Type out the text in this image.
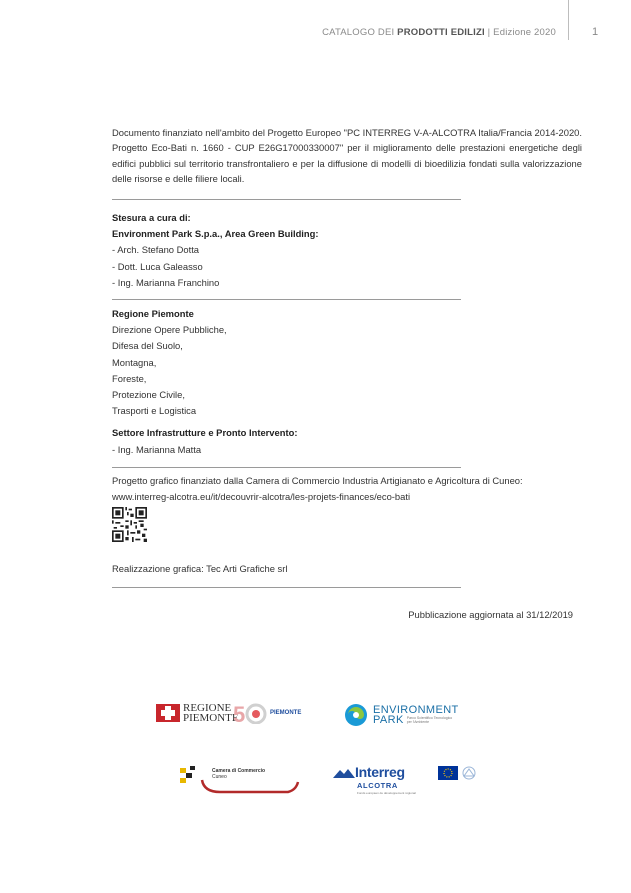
CATALOGO DEI PRODOTTI EDILIZI | Edizione 2020	1
Documento finanziato nell'ambito del Progetto Europeo "PC INTERREG V-A-ALCOTRA Italia/Francia 2014-2020. Progetto Eco-Bati n. 1660 - CUP E26G17000330007" per il miglioramento delle prestazioni energetiche degli edifici pubblici sul territorio transfrontaliero e per la diffusione di modelli di bioedilizia fondati sulla valorizzazione delle risorse e delle filiere locali.
Stesura a cura di:
Environment Park S.p.a., Area Green Building:
- Arch. Stefano Dotta
- Dott. Luca Galeasso
- Ing. Marianna Franchino
Regione Piemonte
Direzione Opere Pubbliche,
Difesa del Suolo,
Montagna,
Foreste,
Protezione Civile,
Trasporti e Logistica
Settore Infrastrutture e Pronto Intervento:
- Ing. Marianna Matta
Progetto grafico finanziato dalla Camera di Commercio Industria Artigianato e Agricoltura di Cuneo:
www.interreg-alcotra.eu/it/decouvrir-alcotra/les-projets-finances/eco-bati
Realizzazione grafica: Tec Arti Grafiche srl
Pubblicazione aggiornata al 31/12/2019
REGIONE
PIEMONTE
5	PIEMONTE	ENVIRONMENT
PARK Parco Scientifico Tecnologico per l'Ambiente
Camera di Commercio
Cuneo	Interreg
ALCOTRA
Fonds européen de développement régional
